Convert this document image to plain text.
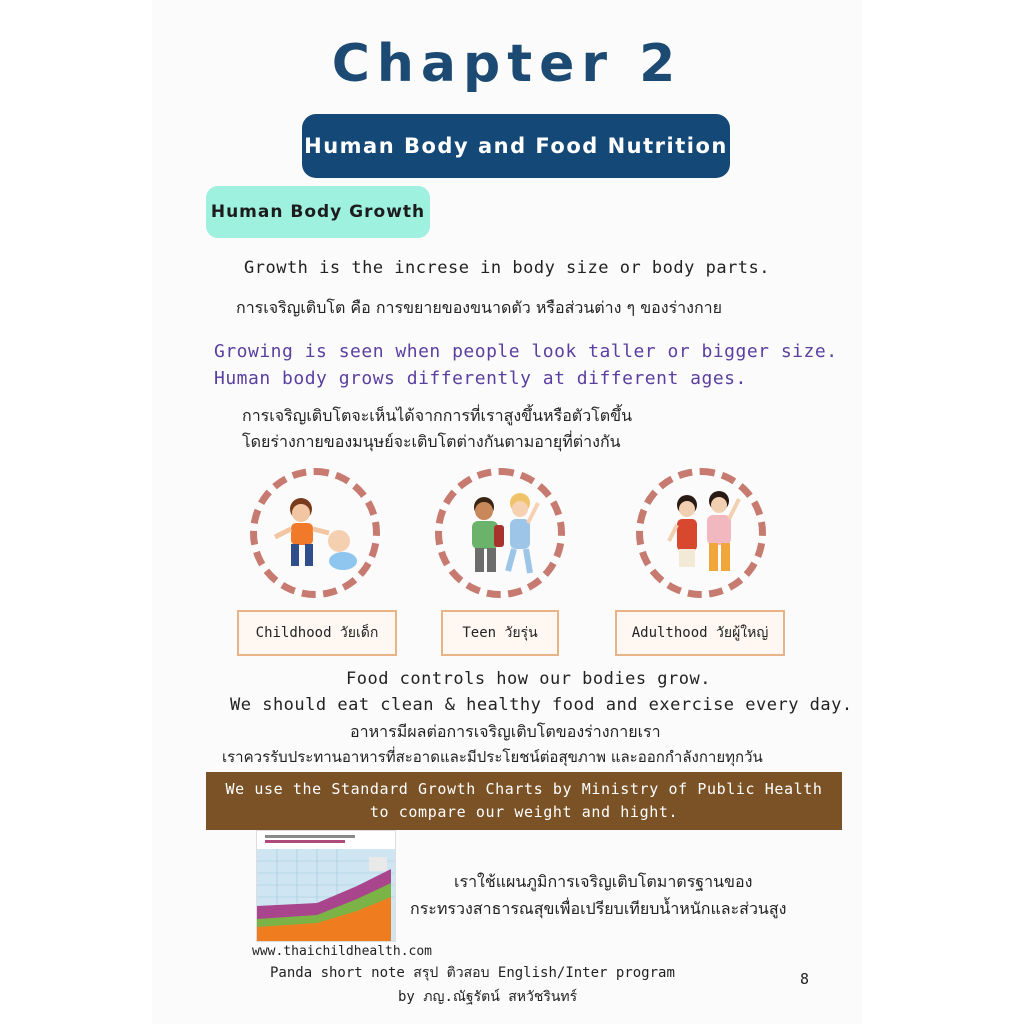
Chapter 2
Human Body and Food Nutrition
Human Body Growth
Growth is the increse in body size or body parts.
การเจริญเติบโต คือ การขยายของขนาดตัว หรือส่วนต่าง ๆ ของร่างกาย
Growing is seen when people look taller or bigger size.
Human body grows differently at different ages.
การเจริญเติบโตจะเห็นได้จากการที่เราสูงขึ้นหรือตัวโตขึ้น
โดยร่างกายของมนุษย์จะเติบโตต่างกันตามอายุที่ต่างกัน
Childhood วัยเด็ก	Teen วัยรุ่น	Adulthood วัยผู้ใหญ่
Food controls how our bodies grow.
We should eat clean & healthy food and exercise every day.
อาหารมีผลต่อการเจริญเติบโตของร่างกายเรา
เราควรรับประทานอาหารที่สะอาดและมีประโยชน์ต่อสุขภาพ และออกกำลังกายทุกวัน
We use the Standard Growth Charts by Ministry of Public Health
to compare our weight and hight.
www.thaichildhealth.com
เราใช้แผนภูมิการเจริญเติบโตมาตรฐานของ
กระทรวงสาธารณสุขเพื่อเปรียบเทียบน้ำหนักและส่วนสูง
Panda short note สรุป ติวสอบ English/Inter program
by ภญ.ณัฐรัตน์ สหวัชรินทร์
8
